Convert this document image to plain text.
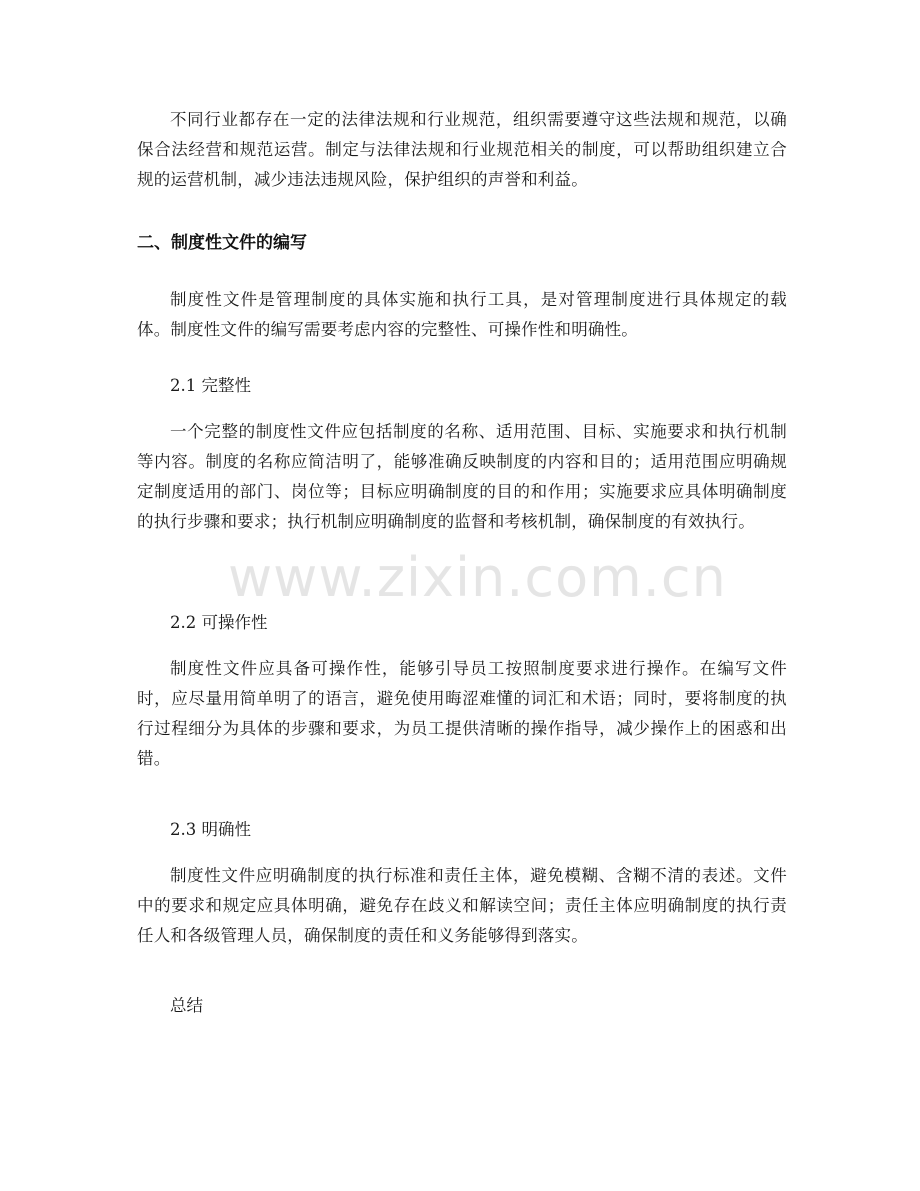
不同行业都存在一定的法律法规和行业规范，组织需要遵守这些法规和规范，以确保合法经营和规范运营。制定与法律法规和行业规范相关的制度，可以帮助组织建立合规的运营机制，减少违法违规风险，保护组织的声誉和利益。

二、制度性文件的编写

制度性文件是管理制度的具体实施和执行工具，是对管理制度进行具体规定的载体。制度性文件的编写需要考虑内容的完整性、可操作性和明确性。

2.1 完整性

一个完整的制度性文件应包括制度的名称、适用范围、目标、实施要求和执行机制等内容。制度的名称应简洁明了，能够准确反映制度的内容和目的；适用范围应明确规定制度适用的部门、岗位等；目标应明确制度的目的和作用；实施要求应具体明确制度的执行步骤和要求；执行机制应明确制度的监督和考核机制，确保制度的有效执行。

2.2 可操作性

制度性文件应具备可操作性，能够引导员工按照制度要求进行操作。在编写文件时，应尽量用简单明了的语言，避免使用晦涩难懂的词汇和术语；同时，要将制度的执行过程细分为具体的步骤和要求，为员工提供清晰的操作指导，减少操作上的困惑和出错。

2.3 明确性

制度性文件应明确制度的执行标准和责任主体，避免模糊、含糊不清的表述。文件中的要求和规定应具体明确，避免存在歧义和解读空间；责任主体应明确制度的执行责任人和各级管理人员，确保制度的责任和义务能够得到落实。

总结

www.zixin.com.cn
